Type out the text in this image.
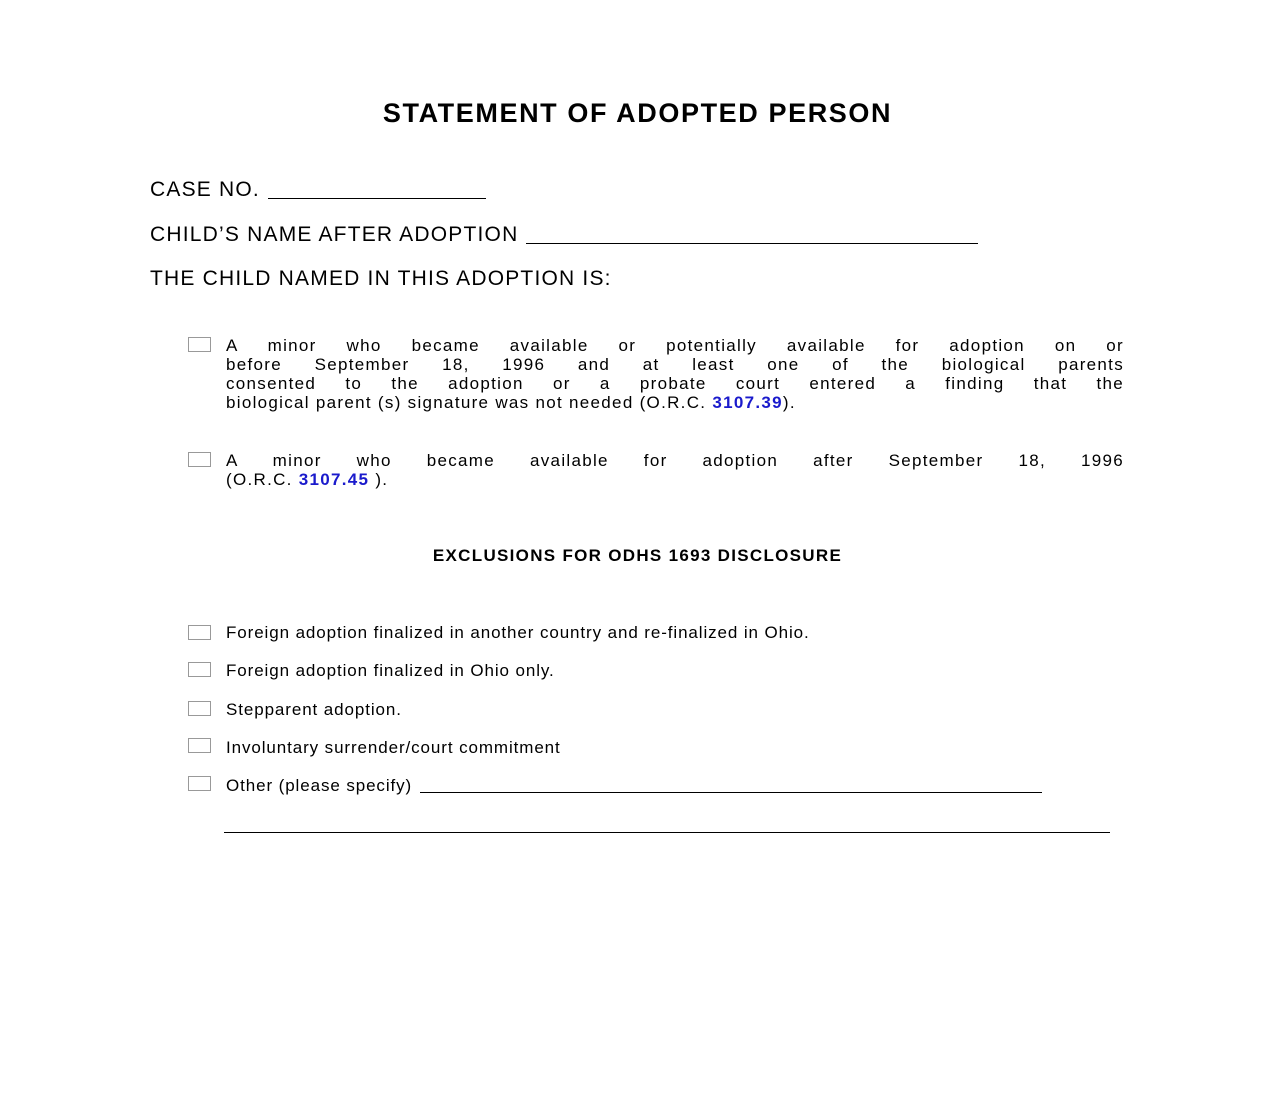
STATEMENT OF ADOPTED PERSON
CASE NO.
CHILD’S NAME AFTER ADOPTION
THE CHILD NAMED IN THIS ADOPTION IS:
A minor who became available or potentially available for adoption on or
before September 18, 1996 and at least one of the biological parents
consented to the adoption or a probate court entered a finding that the
biological parent (s) signature was not needed (O.R.C. 3107.39).
A minor who became available for adoption after September 18, 1996
(O.R.C. 3107.45 ).
EXCLUSIONS FOR ODHS 1693 DISCLOSURE
Foreign adoption finalized in another country and re-finalized in Ohio.
Foreign adoption finalized in Ohio only.
Stepparent adoption.
Involuntary surrender/court commitment
Other (please specify)
